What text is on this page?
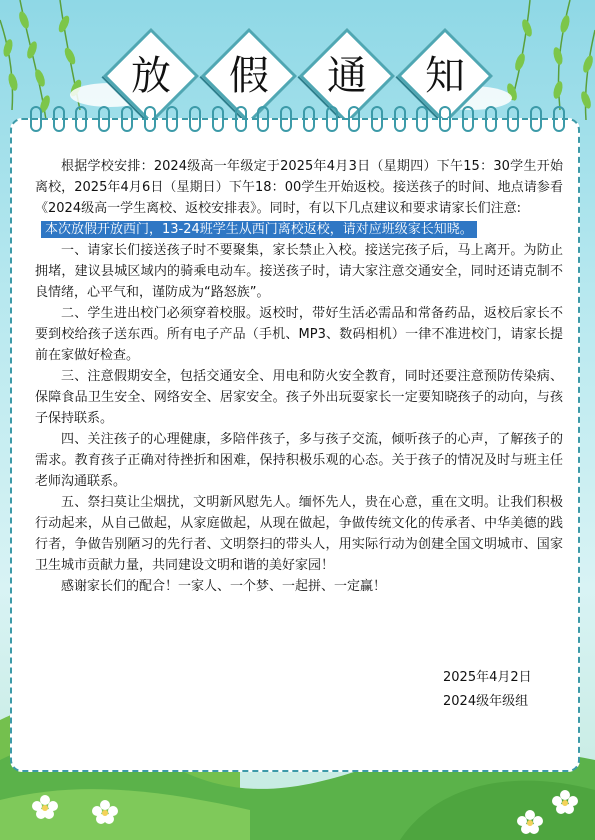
放 假 通 知

根据学校安排：2024级高一年级定于2025年4月3日（星期四）下午15：30学生开始离校，2025年4月6日（星期日）下午18：00学生开始返校。接送孩子的时间、地点请参看《2024级高一学生离校、返校安排表》。同时，有以下几点建议和要求请家长们注意:

本次放假开放西门，13-24班学生从西门离校返校，请对应班级家长知晓。

一、请家长们接送孩子时不要聚集，家长禁止入校。接送完孩子后，马上离开。为防止拥堵，建议县城区域内的骑乘电动车。接送孩子时，请大家注意交通安全，同时还请克制不良情绪，心平气和，谨防成为“路怒族”。

二、学生进出校门必须穿着校服。返校时，带好生活必需品和常备药品，返校后家长不要到校给孩子送东西。所有电子产品（手机、MP3、数码相机）一律不准进校门，请家长提前在家做好检查。

三、注意假期安全，包括交通安全、用电和防火安全教育，同时还要注意预防传染病、保障食品卫生安全、网络安全、居家安全。孩子外出玩耍家长一定要知晓孩子的动向，与孩子保持联系。

四、关注孩子的心理健康，多陪伴孩子，多与孩子交流，倾听孩子的心声，了解孩子的需求。教育孩子正确对待挫折和困难，保持积极乐观的心态。关于孩子的情况及时与班主任老师沟通联系。

五、祭扫莫让尘烟扰，文明新风慰先人。缅怀先人，贵在心意，重在文明。让我们积极行动起来，从自己做起，从家庭做起，从现在做起，争做传统文化的传承者、中华美德的践行者，争做告别陋习的先行者、文明祭扫的带头人，用实际行动为创建全国文明城市、国家卫生城市贡献力量，共同建设文明和谐的美好家园！

感谢家长们的配合！一家人、一个梦、一起拼、一定赢！

2025年4月2日
2024级年级组
